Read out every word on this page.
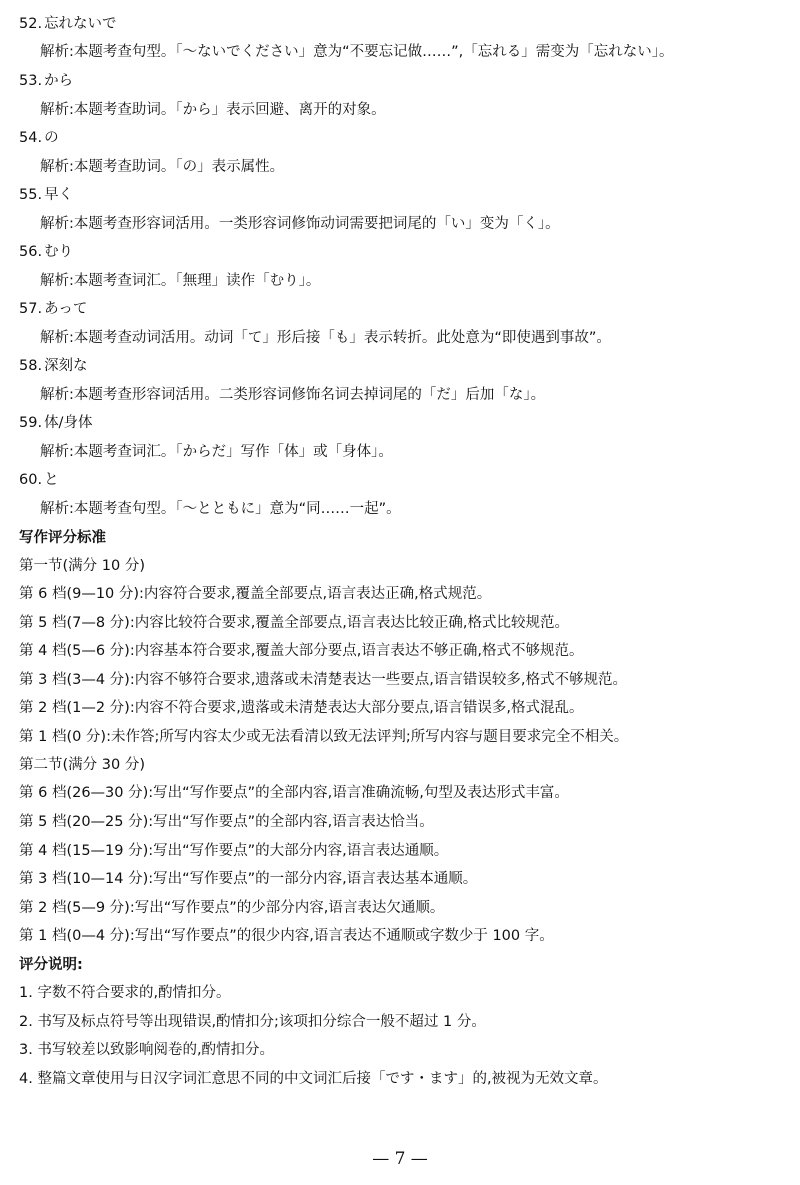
52. 忘れないで
解析:本题考查句型。「～ないでください」意为“不要忘记做……”,「忘れる」需变为「忘れない」。
53. から
解析:本题考查助词。「から」表示回避、离开的对象。
54. の
解析:本题考查助词。「の」表示属性。
55. 早く
解析:本题考查形容词活用。一类形容词修饰动词需要把词尾的「い」变为「く」。
56. むり
解析:本题考查词汇。「無理」读作「むり」。
57. あって
解析:本题考查动词活用。动词「て」形后接「も」表示转折。此处意为“即使遇到事故”。
58. 深刻な
解析:本题考查形容词活用。二类形容词修饰名词去掉词尾的「だ」后加「な」。
59. 体/身体
解析:本题考查词汇。「からだ」写作「体」或「身体」。
60. と
解析:本题考查句型。「～とともに」意为“同……一起”。
写作评分标准
第一节(满分 10 分)
第 6 档(9—10 分):内容符合要求,覆盖全部要点,语言表达正确,格式规范。
第 5 档(7—8 分):内容比较符合要求,覆盖全部要点,语言表达比较正确,格式比较规范。
第 4 档(5—6 分):内容基本符合要求,覆盖大部分要点,语言表达不够正确,格式不够规范。
第 3 档(3—4 分):内容不够符合要求,遗落或未清楚表达一些要点,语言错误较多,格式不够规范。
第 2 档(1—2 分):内容不符合要求,遗落或未清楚表达大部分要点,语言错误多,格式混乱。
第 1 档(0 分):未作答;所写内容太少或无法看清以致无法评判;所写内容与题目要求完全不相关。
第二节(满分 30 分)
第 6 档(26—30 分):写出“写作要点”的全部内容,语言准确流畅,句型及表达形式丰富。
第 5 档(20—25 分):写出“写作要点”的全部内容,语言表达恰当。
第 4 档(15—19 分):写出“写作要点”的大部分内容,语言表达通顺。
第 3 档(10—14 分):写出“写作要点”的一部分内容,语言表达基本通顺。
第 2 档(5—9 分):写出“写作要点”的少部分内容,语言表达欠通顺。
第 1 档(0—4 分):写出“写作要点”的很少内容,语言表达不通顺或字数少于 100 字。
评分说明:
1. 字数不符合要求的,酌情扣分。
2. 书写及标点符号等出现错误,酌情扣分;该项扣分综合一般不超过 1 分。
3. 书写较差以致影响阅卷的,酌情扣分。
4. 整篇文章使用与日汉字词汇意思不同的中文词汇后接「です・ます」的,被视为无效文章。
— 7 —
